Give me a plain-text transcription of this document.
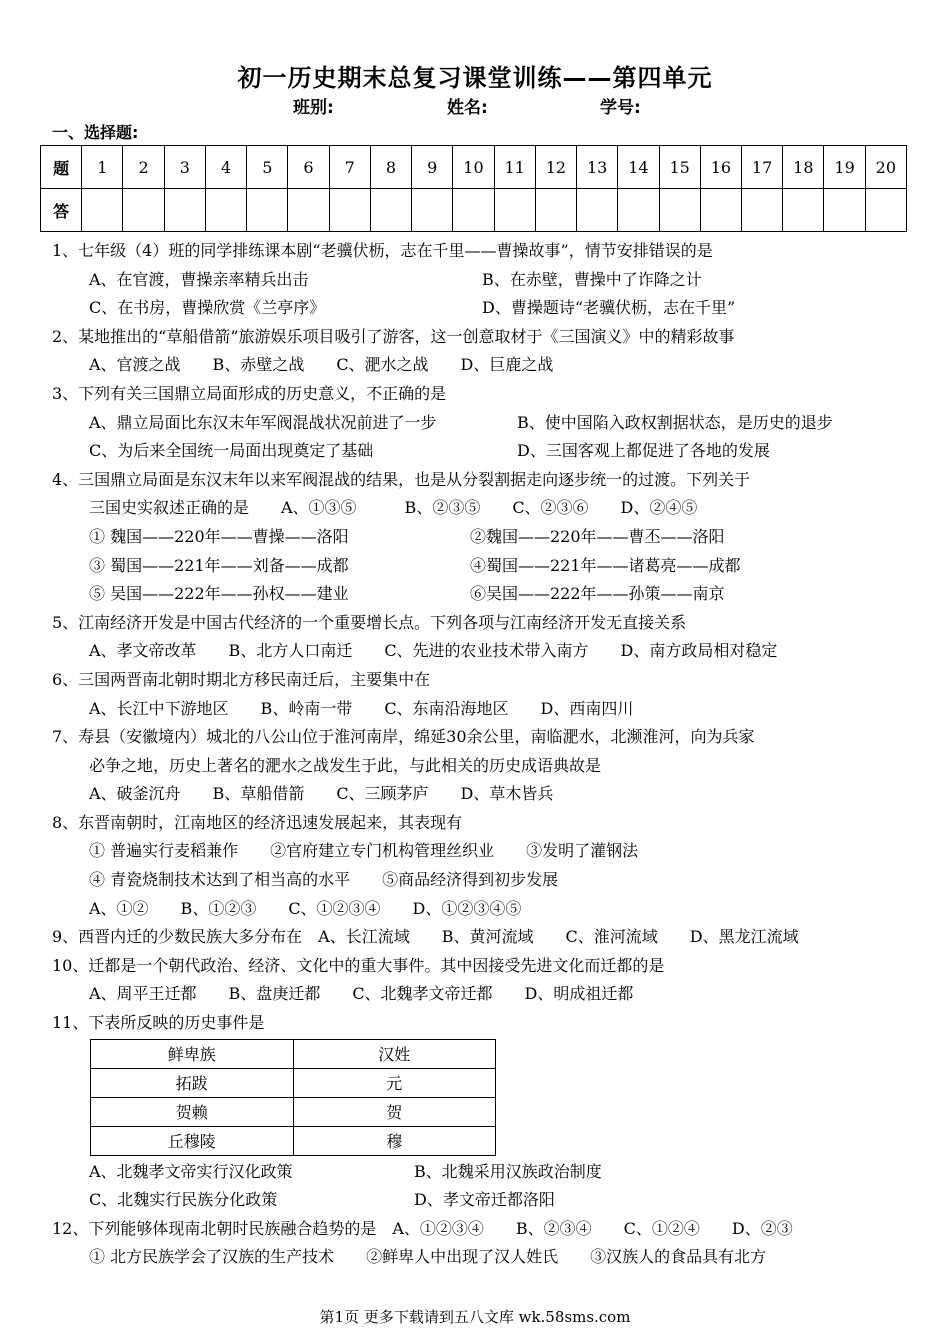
初一历史期末总复习课堂训练——第四单元
班别:	姓名:	学号:
一、选择题:
题	1	2	3	4	5	6	7	8	9	10	11	12	13	14	15	16	17	18	19	20
答																				
1、七年级（4）班的同学排练课本剧“老骥伏枥，志在千里——曹操故事”，情节安排错误的是
A、在官渡，曹操亲率精兵出击	B、在赤壁，曹操中了诈降之计
C、在书房，曹操欣赏《兰亭序》	D、曹操题诗“老骥伏枥，志在千里”
2、某地推出的“草船借箭”旅游娱乐项目吸引了游客，这一创意取材于《三国演义》中的精彩故事
A、官渡之战　　B、赤壁之战　　C、淝水之战　　D、巨鹿之战
3、下列有关三国鼎立局面形成的历史意义，不正确的是
A、鼎立局面比东汉末年军阀混战状况前进了一步	B、使中国陷入政权割据状态，是历史的退步
C、为后来全国统一局面出现奠定了基础	D、三国客观上都促进了各地的发展
4、三国鼎立局面是东汉末年以来军阀混战的结果，也是从分裂割据走向逐步统一的过渡。下列关于
三国史实叙述正确的是　　A、①③⑤　　　B、②③⑤　　C、②③⑥　　D、②④⑤
① 魏国——220年——曹操——洛阳	②魏国——220年——曹丕——洛阳
③ 蜀国——221年——刘备——成都	④蜀国——221年——诸葛亮——成都
⑤ 吴国——222年——孙权——建业	⑥吴国——222年——孙策——南京
5、江南经济开发是中国古代经济的一个重要增长点。下列各项与江南经济开发无直接关系
A、孝文帝改革　　B、北方人口南迁　　C、先进的农业技术带入南方　　D、南方政局相对稳定
6、三国两晋南北朝时期北方移民南迁后，主要集中在
A、长江中下游地区　　B、岭南一带　　C、东南沿海地区　　D、西南四川
7、寿县（安徽境内）城北的八公山位于淮河南岸，绵延30余公里，南临淝水，北濒淮河，向为兵家
必争之地，历史上著名的淝水之战发生于此，与此相关的历史成语典故是
A、破釜沉舟　　B、草船借箭　　C、三顾茅庐　　D、草木皆兵
8、东晋南朝时，江南地区的经济迅速发展起来，其表现有
① 普遍实行麦稻兼作　　②官府建立专门机构管理丝织业　　③发明了灌钢法
④ 青瓷烧制技术达到了相当高的水平　　⑤商品经济得到初步发展
A、①②　　B、①②③　　C、①②③④　　D、①②③④⑤
9、西晋内迁的少数民族大多分布在　A、长江流域　　B、黄河流域　　C、淮河流域　　D、黑龙江流域
10、迁都是一个朝代政治、经济、文化中的重大事件。其中因接受先进文化而迁都的是
A、周平王迁都　　B、盘庚迁都　　C、北魏孝文帝迁都　　D、明成祖迁都
11、下表所反映的历史事件是
鲜卑族	汉姓
拓跋	元
贺赖	贺
丘穆陵	穆
A、北魏孝文帝实行汉化政策	B、北魏采用汉族政治制度
C、北魏实行民族分化政策	D、孝文帝迁都洛阳
12、下列能够体现南北朝时民族融合趋势的是　A、①②③④　　B、②③④　　C、①②④　　D、②③
① 北方民族学会了汉族的生产技术　　②鲜卑人中出现了汉人姓氏　　③汉族人的食品具有北方
第1页 更多下载请到五八文库 wk.58sms.com
